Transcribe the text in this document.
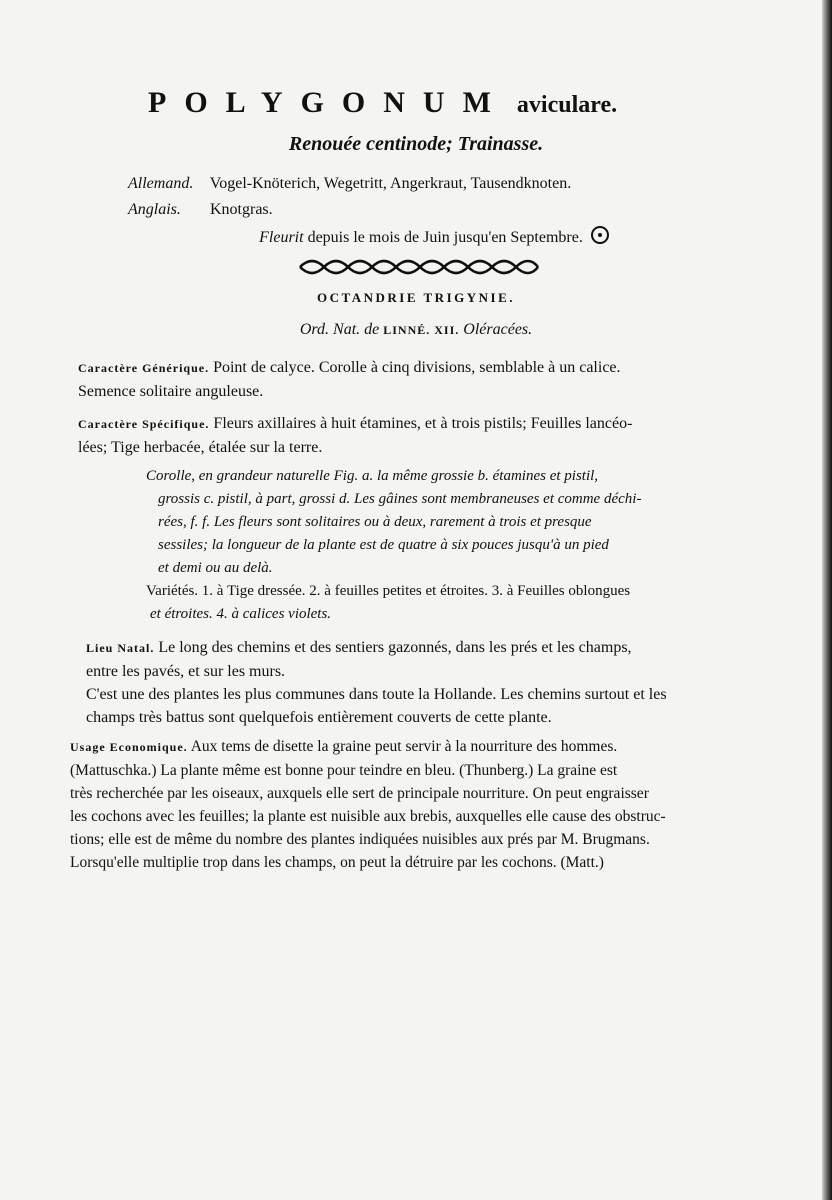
POLYGONUM aviculare.
Renouée centinode; Trainasse.
Allemand. Vogel-Knöterich, Wegetritt, Angerkraut, Tausendknoten.
Anglais. Knotgras.
Fleurit depuis le mois de Juin jusqu'en Septembre.
OCTANDRIE TRIGYNIE.
Ord. Nat. de LINNÉ. XII. Oléracées.
Caractère Générique. Point de calyce. Corolle à cinq divisions, semblable à un calice.
Semence solitaire anguleuse.
Caractère Spécifique. Fleurs axillaires à huit étamines, et à trois pistils; Feuilles lancéo-
lées; Tige herbacée, étalée sur la terre.
Corolle, en grandeur naturelle Fig. a. la même grossie b. étamines et pistil,
grossis c. pistil, à part, grossi d. Les gâines sont membraneuses et comme déchi-
rées, f. f. Les fleurs sont solitaires ou à deux, rarement à trois et presque
sessiles; la longueur de la plante est de quatre à six pouces jusqu'à un pied
et demi ou au delà.
Variétés. 1. à Tige dressée. 2. à feuilles petites et étroites. 3. à Feuilles oblongues
et étroites. 4. à calices violets.
Lieu Natal. Le long des chemins et des sentiers gazonnés, dans les prés et les champs,
entre les pavés, et sur les murs.
C'est une des plantes les plus communes dans toute la Hollande. Les chemins surtout et les
champs très battus sont quelquefois entièrement couverts de cette plante.
Usage Economique. Aux tems de disette la graine peut servir à la nourriture des hommes.
(Mattuschka.) La plante même est bonne pour teindre en bleu. (Thunberg.) La graine est
très recherchée par les oiseaux, auxquels elle sert de principale nourriture. On peut engraisser
les cochons avec les feuilles; la plante est nuisible aux brebis, auxquelles elle cause des obstruc-
tions; elle est de même du nombre des plantes indiquées nuisibles aux prés par M. Brugmans.
Lorsqu'elle multiplie trop dans les champs, on peut la détruire par les cochons. (Matt.)
